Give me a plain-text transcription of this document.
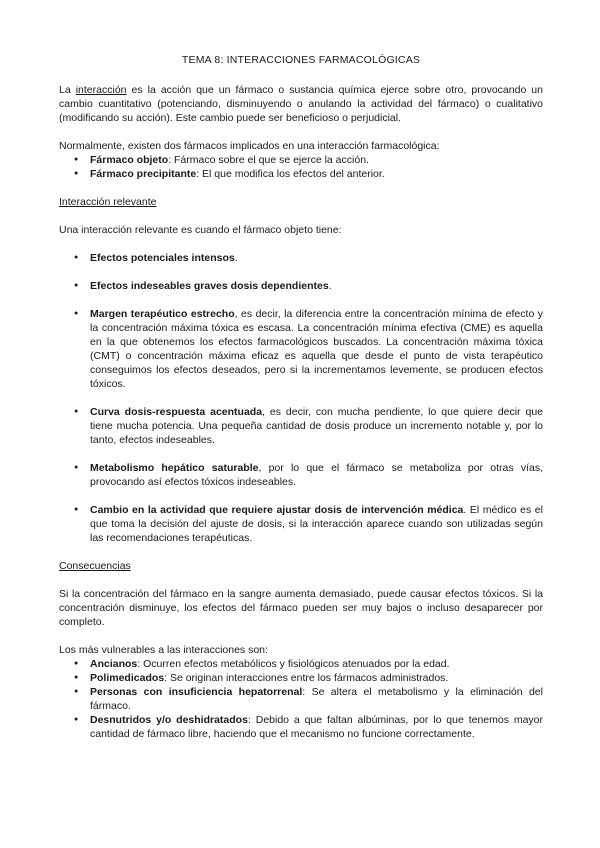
TEMA 8: INTERACCIONES FARMACOLÓGICAS

La interacción es la acción que un fármaco o sustancia química ejerce sobre otro, provocando un cambio cuantitativo (potenciando, disminuyendo o anulando la actividad del fármaco) o cualitativo (modificando su acción). Este cambio puede ser beneficioso o perjudicial.

Normalmente, existen dos fármacos implicados en una interacción farmacológica:

● Fármaco objeto: Fármaco sobre el que se ejerce la acción.
● Fármaco precipitante: El que modifica los efectos del anterior.

Interacción relevante

Una interacción relevante es cuando el fármaco objeto tiene:

● Efectos potenciales intensos.
● Efectos indeseables graves dosis dependientes.
● Margen terapéutico estrecho, es decir, la diferencia entre la concentración mínima de efecto y la concentración máxima tóxica es escasa. La concentración mínima efectiva (CME) es aquella en la que obtenemos los efectos farmacológicos buscados. La concentración máxima tóxica (CMT) o concentración máxima eficaz es aquella que desde el punto de vista terapéutico conseguimos los efectos deseados, pero si la incrementamos levemente, se producen efectos tóxicos.
● Curva dosis-respuesta acentuada, es decir, con mucha pendiente, lo que quiere decir que tiene mucha potencia. Una pequeña cantidad de dosis produce un incremento notable y, por lo tanto, efectos indeseables.
● Metabolismo hepático saturable, por lo que el fármaco se metaboliza por otras vías, provocando así efectos tóxicos indeseables.
● Cambio en la actividad que requiere ajustar dosis de intervención médica. El médico es el que toma la decisión del ajuste de dosis, si la interacción aparece cuando son utilizadas según las recomendaciones terapéuticas.

Consecuencias

Si la concentración del fármaco en la sangre aumenta demasiado, puede causar efectos tóxicos. Si la concentración disminuye, los efectos del fármaco pueden ser muy bajos o incluso desaparecer por completo.

Los más vulnerables a las interacciones son:

● Ancianos: Ocurren efectos metabólicos y fisiológicos atenuados por la edad.
● Polimedicados: Se originan interacciones entre los fármacos administrados.
● Personas con insuficiencia hepatorrenal: Se altera el metabolismo y la eliminación del fármaco.
● Desnutridos y/o deshidratados: Debido a que faltan albúminas, por lo que tenemos mayor cantidad de fármaco libre, haciendo que el mecanismo no funcione correctamente.
